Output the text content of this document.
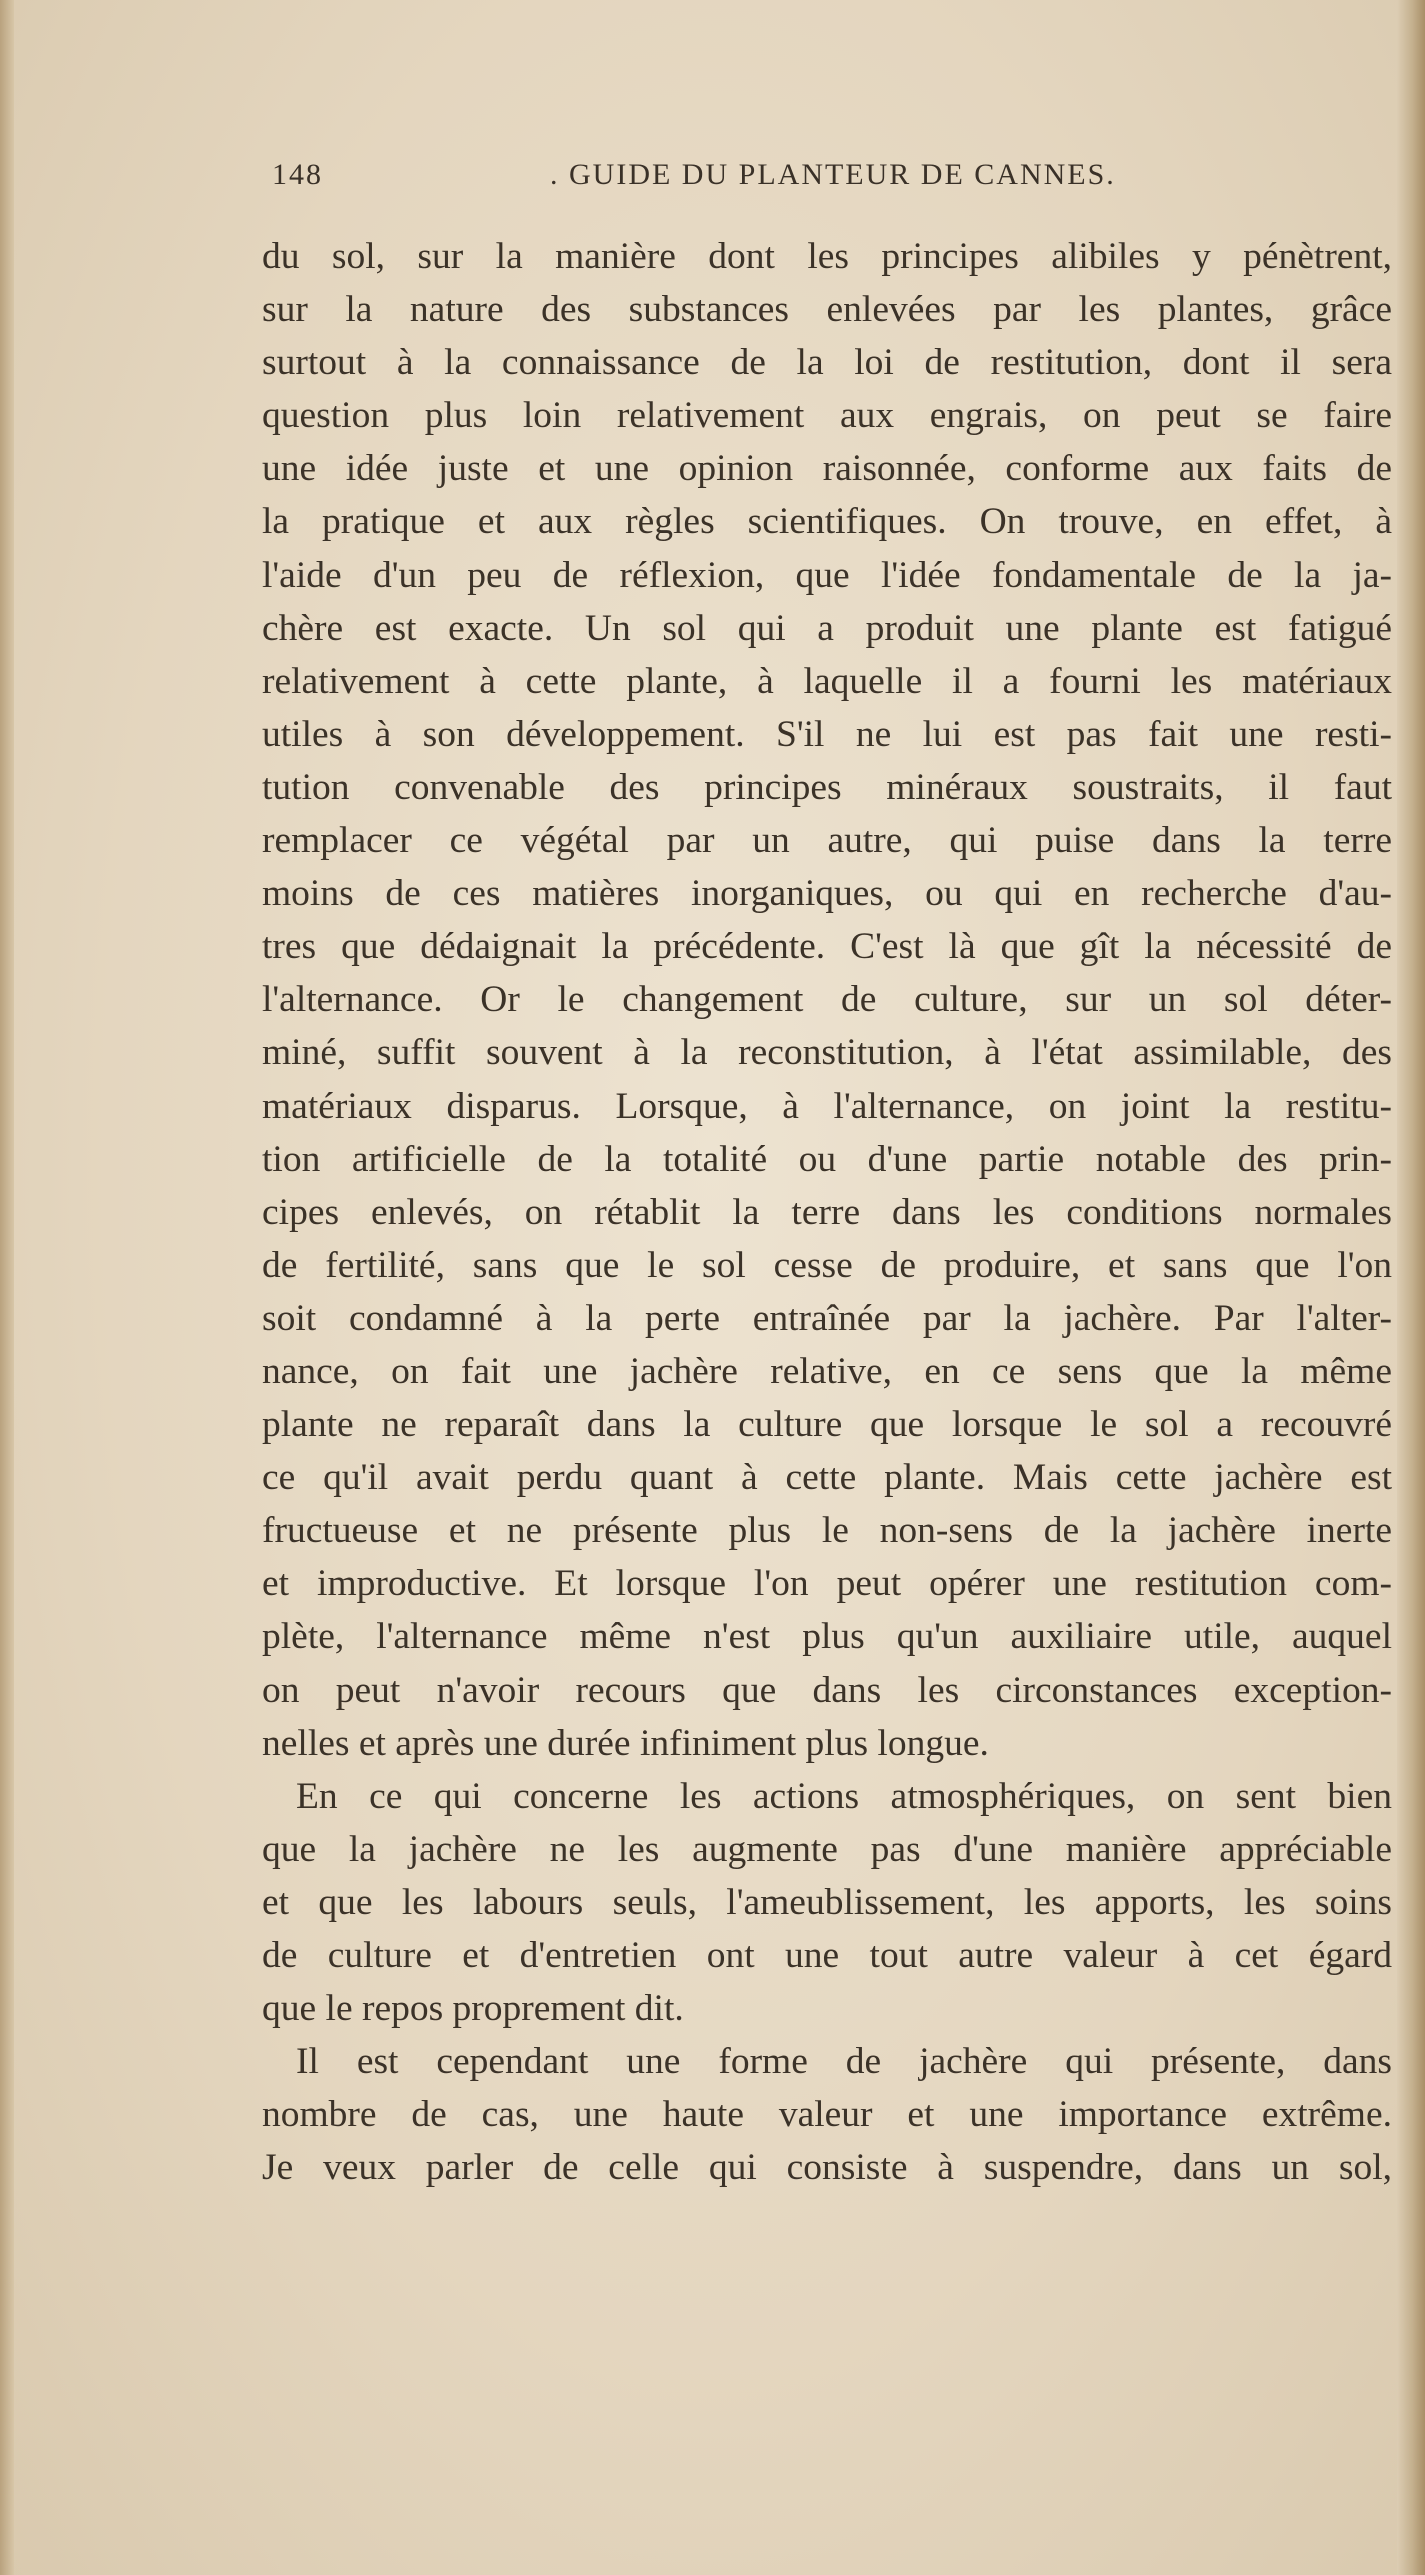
148	. GUIDE DU PLANTEUR DE CANNES.
du sol, sur la manière dont les principes alibiles y pénètrent,
sur la nature des substances enlevées par les plantes, grâce
surtout à la connaissance de la loi de restitution, dont il sera
question plus loin relativement aux engrais, on peut se faire
une idée juste et une opinion raisonnée, conforme aux faits de
la pratique et aux règles scientifiques. On trouve, en effet, à
l'aide d'un peu de réflexion, que l'idée fondamentale de la ja-
chère est exacte. Un sol qui a produit une plante est fatigué
relativement à cette plante, à laquelle il a fourni les matériaux
utiles à son développement. S'il ne lui est pas fait une resti-
tution convenable des principes minéraux soustraits, il faut
remplacer ce végétal par un autre, qui puise dans la terre
moins de ces matières inorganiques, ou qui en recherche d'au-
tres que dédaignait la précédente. C'est là que gît la nécessité de
l'alternance. Or le changement de culture, sur un sol déter-
miné, suffit souvent à la reconstitution, à l'état assimilable, des
matériaux disparus. Lorsque, à l'alternance, on joint la restitu-
tion artificielle de la totalité ou d'une partie notable des prin-
cipes enlevés, on rétablit la terre dans les conditions normales
de fertilité, sans que le sol cesse de produire, et sans que l'on
soit condamné à la perte entraînée par la jachère. Par l'alter-
nance, on fait une jachère relative, en ce sens que la même
plante ne reparaît dans la culture que lorsque le sol a recouvré
ce qu'il avait perdu quant à cette plante. Mais cette jachère est
fructueuse et ne présente plus le non-sens de la jachère inerte
et improductive. Et lorsque l'on peut opérer une restitution com-
plète, l'alternance même n'est plus qu'un auxiliaire utile, auquel
on peut n'avoir recours que dans les circonstances exception-
nelles et après une durée infiniment plus longue.
En ce qui concerne les actions atmosphériques, on sent bien
que la jachère ne les augmente pas d'une manière appréciable
et que les labours seuls, l'ameublissement, les apports, les soins
de culture et d'entretien ont une tout autre valeur à cet égard
que le repos proprement dit.
Il est cependant une forme de jachère qui présente, dans
nombre de cas, une haute valeur et une importance extrême.
Je veux parler de celle qui consiste à suspendre, dans un sol,
